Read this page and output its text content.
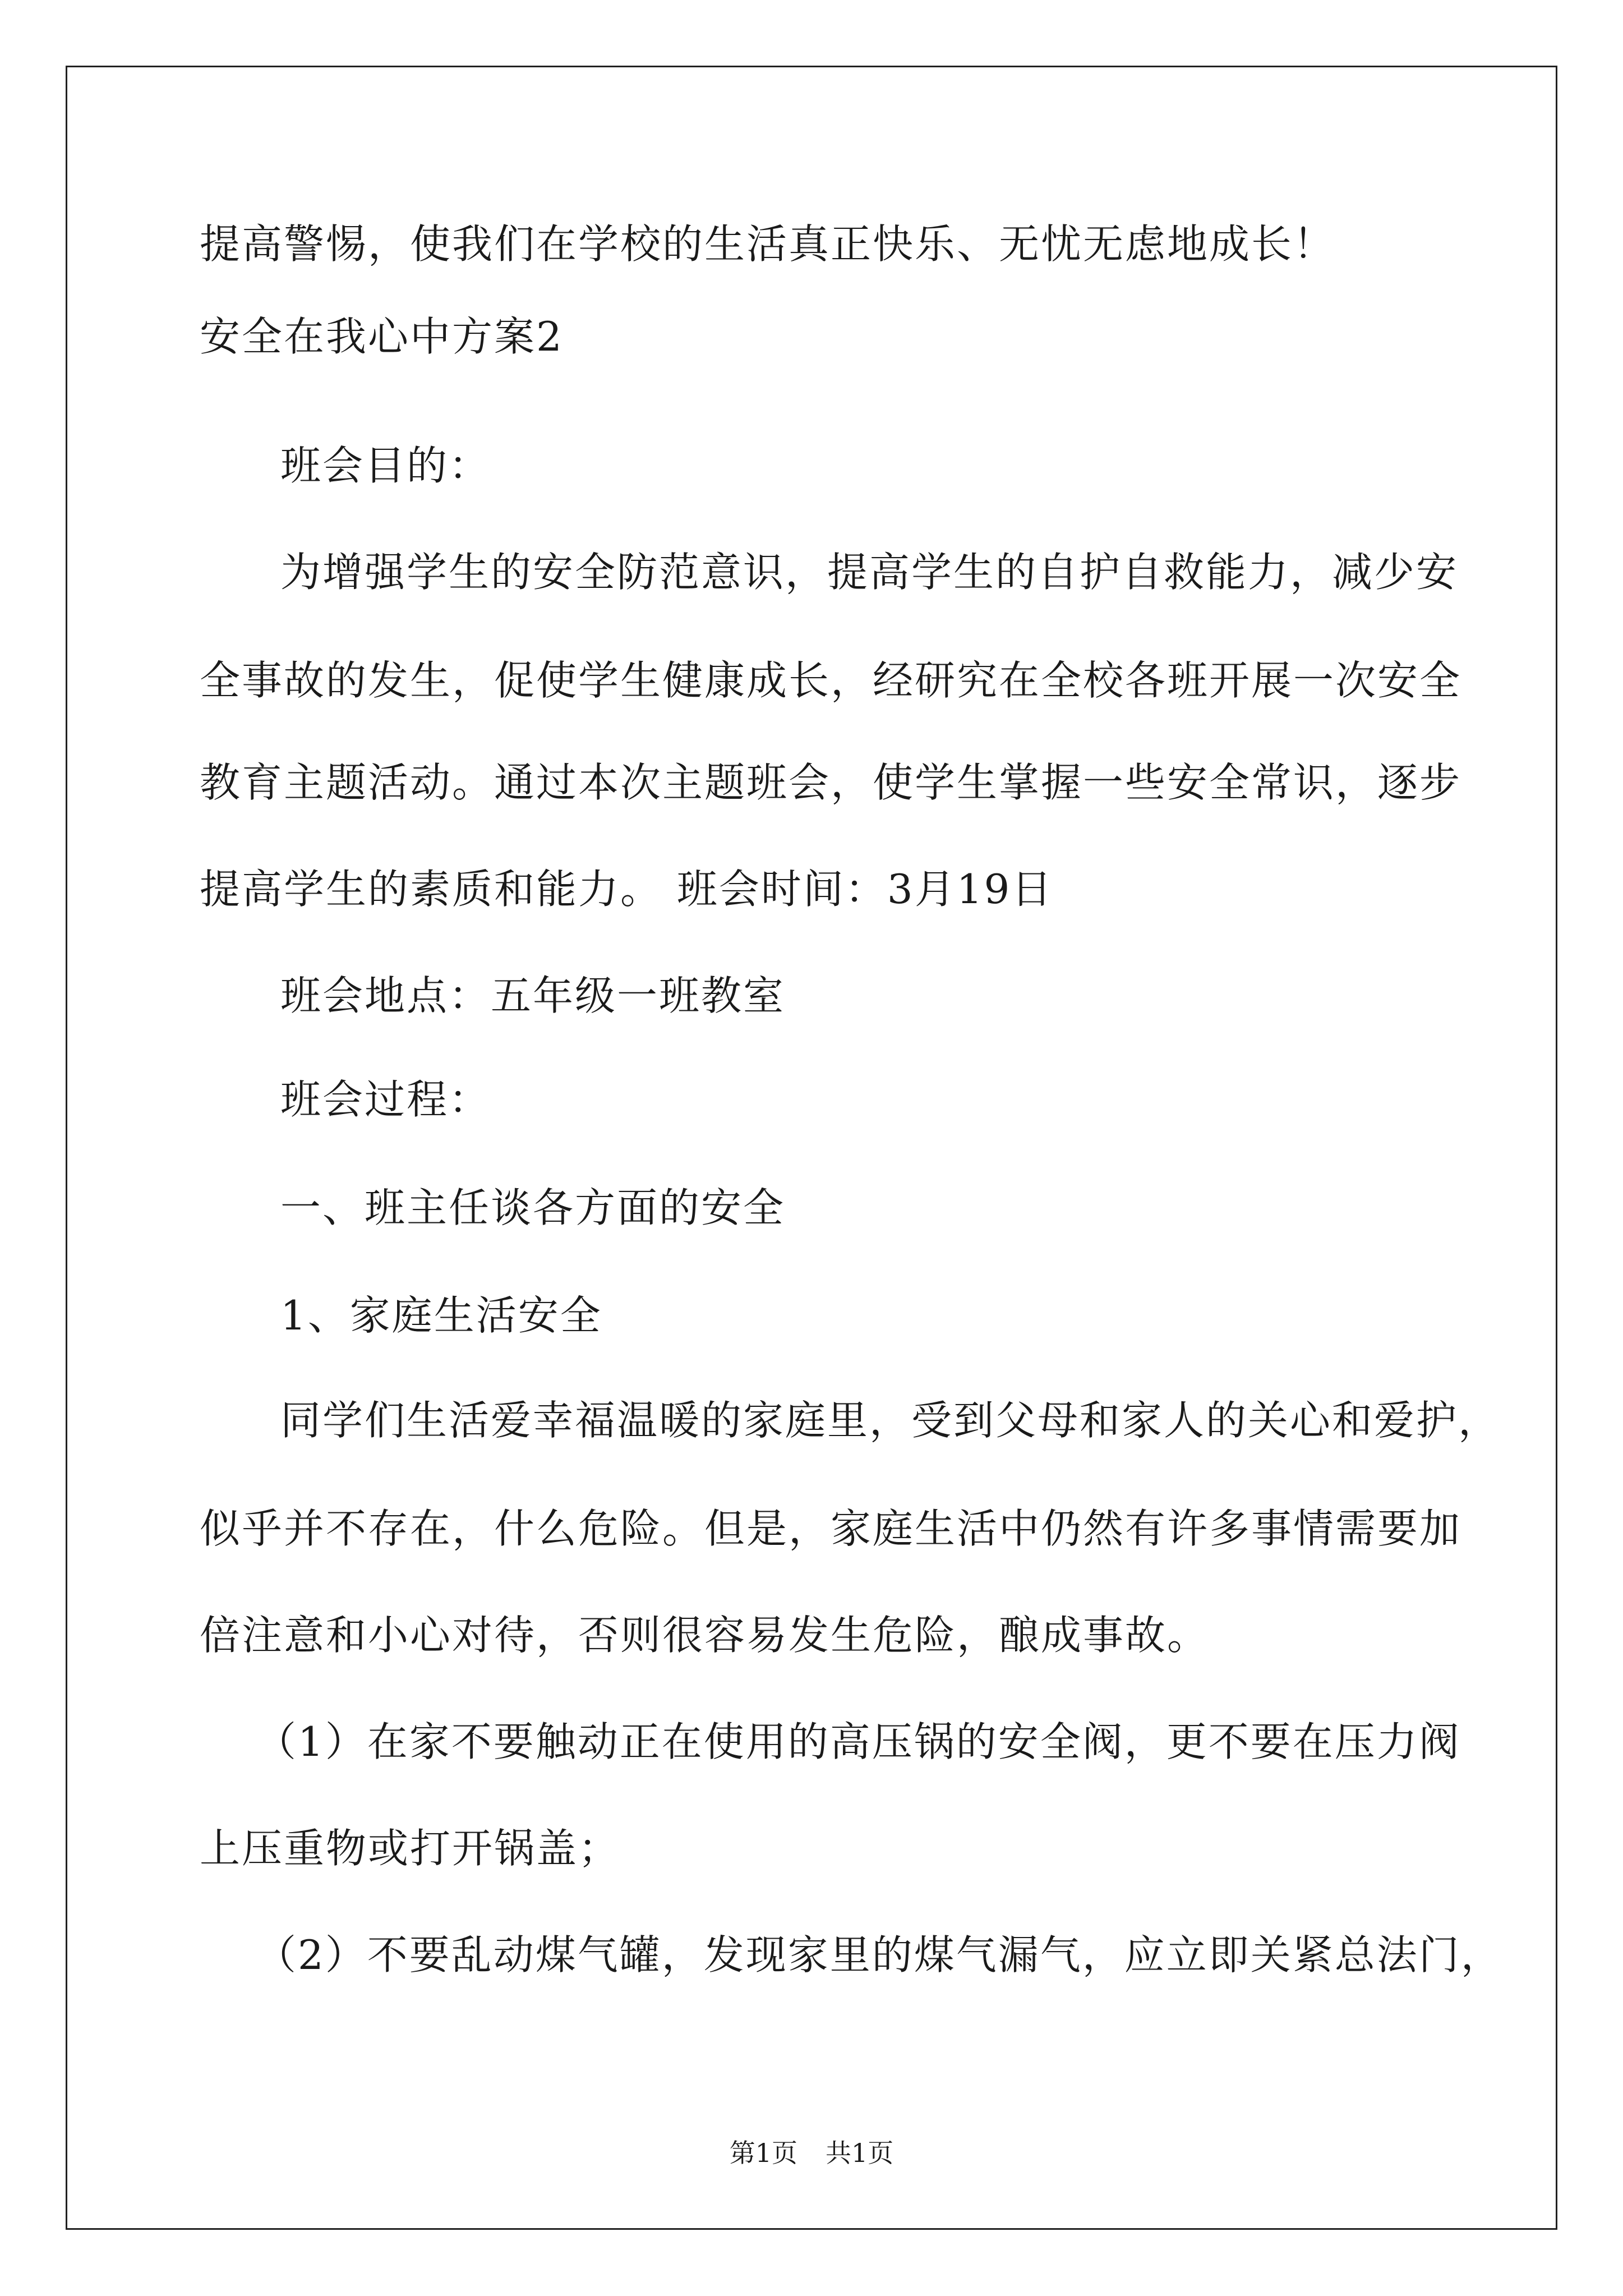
提高警惕，使我们在学校的生活真正快乐、无忧无虑地成长！
安全在我心中方案2
班会目的：
为增强学生的安全防范意识，提高学生的自护自救能力，减少安
全事故的发生，促使学生健康成长，经研究在全校各班开展一次安全
教育主题活动。通过本次主题班会，使学生掌握一些安全常识，逐步
提高学生的素质和能力。 班会时间：3月19日
班会地点：五年级一班教室
班会过程：
一、班主任谈各方面的安全
1、家庭生活安全
同学们生活爱幸福温暖的家庭里，受到父母和家人的关心和爱护，
似乎并不存在，什么危险。但是，家庭生活中仍然有许多事情需要加
倍注意和小心对待，否则很容易发生危险，酿成事故。
（1）在家不要触动正在使用的高压锅的安全阀，更不要在压力阀
上压重物或打开锅盖；
（2）不要乱动煤气罐，发现家里的煤气漏气，应立即关紧总法门，
第1页 共1页
